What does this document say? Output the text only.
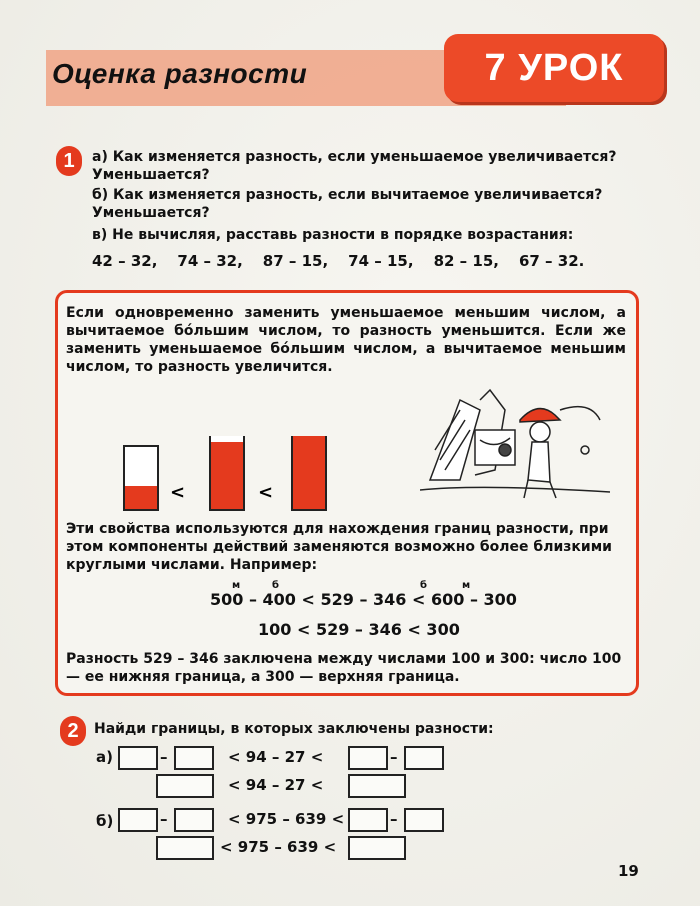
Оценка разности	7 УРОК
1	а) Как изменяется разность, если уменьшаемое увеличивается? Уменьшается?
б) Как изменяется разность, если вычитаемое увеличивается? Уменьшается?
в) Не вычисляя, расставь разности в порядке возрастания:
42 – 32, 74 – 32, 87 – 15, 74 – 15, 82 – 15, 67 – 32.
Если одновременно заменить уменьшаемое меньшим числом, а вычитаемое бóльшим числом, то разность уменьшится. Если же заменить уменьшаемое бóльшим числом, а вычитаемое меньшим числом, то разность увеличится.
<	<
Эти свойства используются для нахождения границ разности, при этом компоненты действий заменяются возможно более близкими круглыми числами. Например:
м	б	б	м
500 – 400 < 529 – 346 < 600 – 300
100 < 529 – 346 < 300
Разность 529 – 346 заключена между числами 100 и 300: число 100 — ее нижняя граница, а 300 — верхняя граница.
2	Найди границы, в которых заключены разности:
а)	–	< 94 – 27 <	–
< 94 – 27 <
б)	–	< 975 – 639 <	–
< 975 – 639 <
19
